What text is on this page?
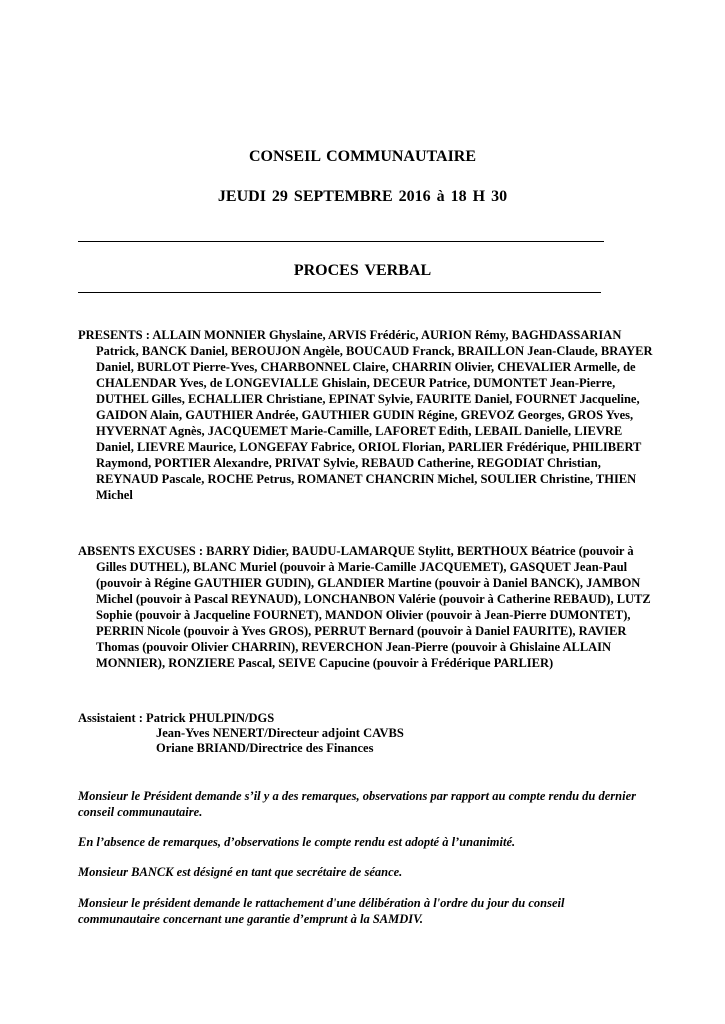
CONSEIL COMMUNAUTAIRE
JEUDI 29 SEPTEMBRE 2016 à 18 H 30
PROCES VERBAL
PRESENTS : ALLAIN MONNIER Ghyslaine, ARVIS Frédéric, AURION Rémy, BAGHDASSARIAN Patrick, BANCK Daniel, BEROUJON Angèle, BOUCAUD Franck, BRAILLON Jean-Claude, BRAYER Daniel, BURLOT Pierre-Yves, CHARBONNEL Claire, CHARRIN Olivier, CHEVALIER Armelle, de CHALENDAR Yves, de LONGEVIALLE Ghislain, DECEUR Patrice, DUMONTET Jean-Pierre, DUTHEL Gilles, ECHALLIER Christiane, EPINAT Sylvie, FAURITE Daniel, FOURNET Jacqueline, GAIDON Alain, GAUTHIER Andrée, GAUTHIER GUDIN Régine, GREVOZ Georges, GROS Yves, HYVERNAT Agnès, JACQUEMET Marie-Camille, LAFORET Edith, LEBAIL Danielle, LIEVRE Daniel, LIEVRE Maurice, LONGEFAY Fabrice, ORIOL Florian, PARLIER Frédérique, PHILIBERT Raymond, PORTIER Alexandre, PRIVAT Sylvie, REBAUD Catherine, REGODIAT Christian, REYNAUD Pascale, ROCHE Petrus, ROMANET CHANCRIN Michel, SOULIER Christine, THIEN Michel
ABSENTS EXCUSES : BARRY Didier, BAUDU-LAMARQUE Stylitt, BERTHOUX Béatrice (pouvoir à Gilles DUTHEL), BLANC Muriel (pouvoir à Marie-Camille JACQUEMET), GASQUET Jean-Paul (pouvoir à Régine GAUTHIER GUDIN), GLANDIER Martine (pouvoir à Daniel BANCK), JAMBON Michel (pouvoir à Pascal REYNAUD), LONCHANBON Valérie (pouvoir à Catherine REBAUD), LUTZ Sophie (pouvoir à Jacqueline FOURNET), MANDON Olivier (pouvoir à Jean-Pierre DUMONTET), PERRIN Nicole (pouvoir à Yves GROS), PERRUT Bernard (pouvoir à Daniel FAURITE), RAVIER Thomas (pouvoir Olivier CHARRIN), REVERCHON Jean-Pierre (pouvoir à Ghislaine ALLAIN MONNIER), RONZIERE Pascal, SEIVE Capucine (pouvoir à Frédérique PARLIER)
Assistaient : Patrick PHULPIN/DGS
Jean-Yves NENERT/Directeur adjoint CAVBS
Oriane BRIAND/Directrice des Finances
Monsieur le Président demande s’il y a des remarques, observations par rapport au compte rendu du dernier conseil communautaire.
En l’absence de remarques, d’observations le compte rendu est adopté à l’unanimité.
Monsieur BANCK est désigné en tant que secrétaire de séance.
Monsieur le président demande le rattachement d'une délibération à l'ordre du jour du conseil communautaire concernant une garantie d’emprunt à la SAMDIV.
